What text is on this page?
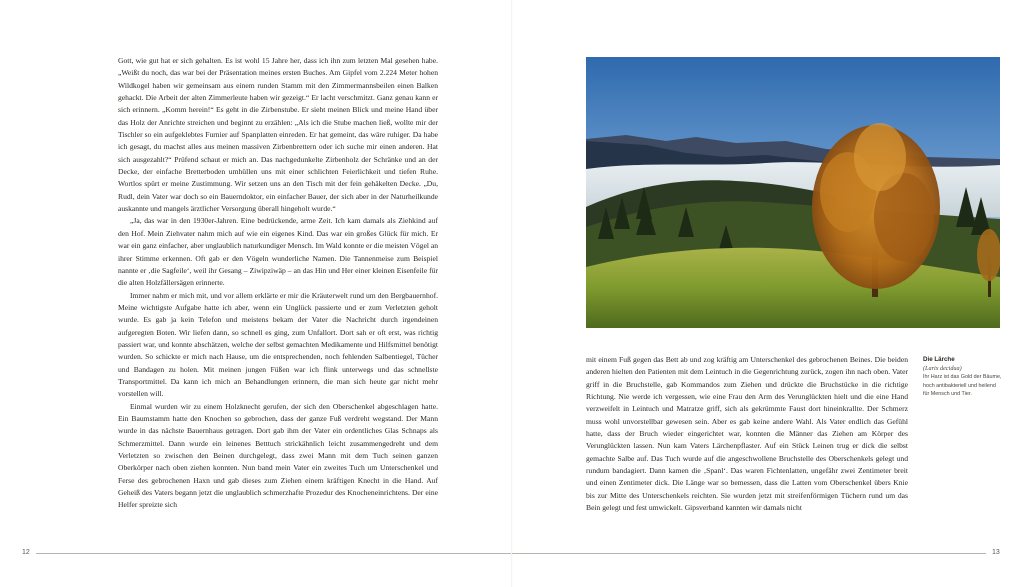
Gott, wie gut hat er sich gehalten. Es ist wohl 15 Jahre her, dass ich ihn zum letzten Mal gesehen habe. „Weißt du noch, das war bei der Präsentation meines ersten Buches. Am Gipfel vom 2.224 Meter hohen Wildkogel haben wir gemeinsam aus einem runden Stamm mit den Zimmermannsbeilen einen Balken gehackt. Die Arbeit der alten Zimmerleute haben wir gezeigt.“ Er lacht verschmitzt. Ganz genau kann er sich erinnern. „Komm herein!“ Es geht in die Zirbenstube. Er sieht meinen Blick und meine Hand über das Holz der Anrichte streichen und beginnt zu erzählen: „Als ich die Stube machen ließ, wollte mir der Tischler so ein aufgeklebtes Furnier auf Spanplatten einreden. Er hat gemeint, das wäre ruhiger. Da habe ich gesagt, du machst alles aus meinen massiven Zirbenbrettern oder ich suche mir einen anderen. Hat sich ausgezahlt?“ Prüfend schaut er mich an. Das nachgedunkelte Zirbenholz der Schränke und an der Decke, der einfache Bretterboden umhüllen uns mit einer schlichten Feierlichkeit und tiefen Ruhe. Wortlos spürt er meine Zustimmung. Wir setzen uns an den Tisch mit der fein gehäkelten Decke. „Du, Rudl, dein Vater war doch so ein Bauerndoktor, ein einfacher Bauer, der sich aber in der Naturheilkunde auskannte und mangels ärztlicher Versorgung überall hingeholt wurde.“

„Ja, das war in den 1930er-Jahren. Eine bedrückende, arme Zeit. Ich kam damals als Ziehkind auf den Hof. Mein Ziehvater nahm mich auf wie ein eigenes Kind. Das war ein großes Glück für mich. Er war ein ganz einfacher, aber unglaublich naturkundiger Mensch. Im Wald konnte er die meisten Vögel an ihrer Stimme erkennen. Oft gab er den Vögeln wunderliche Namen. Die Tannenmeise zum Beispiel nannte er ‚die Sagfeile‘, weil ihr Gesang – Ziwipziwäp – an das Hin und Her einer kleinen Eisenfeile für die alten Holzfällersägen erinnerte.

Immer nahm er mich mit, und vor allem erklärte er mir die Kräuterwelt rund um den Bergbauernhof. Meine wichtigste Aufgabe hatte ich aber, wenn ein Unglück passierte und er zum Verletzten geholt wurde. Es gab ja kein Telefon und meistens bekam der Vater die Nachricht durch irgendeinen aufgeregten Boten. Wir liefen dann, so schnell es ging, zum Unfallort. Dort sah er oft erst, was richtig passiert war, und konnte abschätzen, welche der selbst gemachten Medikamente und Hilfsmittel benötigt wurden. So schickte er mich nach Hause, um die entsprechenden, noch fehlenden Salbentiegel, Tücher und Bandagen zu holen. Mit meinen jungen Füßen war ich flink unterwegs und das schnellste Transportmittel. Da kann ich mich an Behandlungen erinnern, die man sich heute gar nicht mehr vorstellen will.

Einmal wurden wir zu einem Holzknecht gerufen, der sich den Oberschenkel abgeschlagen hatte. Ein Baumstamm hatte den Knochen so gebrochen, dass der ganze Fuß verdreht wegstand. Der Mann wurde in das nächste Bauernhaus getragen. Dort gab ihm der Vater ein ordentliches Glas Schnaps als Schmerzmittel. Dann wurde ein leinenes Betttuch strickähnlich leicht zusammengedreht und dem Verletzten so zwischen den Beinen durchgelegt, dass zwei Mann mit dem Tuch seinen ganzen Oberkörper nach oben ziehen konnten. Nun band mein Vater ein zweites Tuch um Unterschenkel und Ferse des gebrochenen Haxn und gab dieses zum Ziehen einem kräftigen Knecht in die Hand. Auf Geheiß des Vaters begann jetzt die unglaublich schmerzhafte Prozedur des Knocheneinrichtens. Der eine Helfer spreizte sich

12

mit einem Fuß gegen das Bett ab und zog kräftig am Unterschenkel des gebrochenen Beines. Die beiden anderen hielten den Patienten mit dem Leintuch in die Gegenrichtung zurück, zogen ihn nach oben. Vater griff in die Bruchstelle, gab Kommandos zum Ziehen und drückte die Bruchstücke in die richtige Richtung. Nie werde ich vergessen, wie eine Frau den Arm des Verunglückten hielt und die eine Hand verzweifelt in Leintuch und Matratze griff, sich als gekrümmte Faust dort hineinkrallte. Der Schmerz muss wohl unvorstellbar gewesen sein. Aber es gab keine andere Wahl. Als Vater endlich das Gefühl hatte, dass der Bruch wieder eingerichtet war, konnten die Männer das Ziehen am Körper des Verunglückten lassen. Nun kam Vaters Lärchenpflaster. Auf ein Stück Leinen trug er dick die selbst gemachte Salbe auf. Das Tuch wurde auf die angeschwollene Bruchstelle des Oberschenkels gelegt und rundum bandagiert. Dann kamen die ‚Spanl‘. Das waren Fichtenlatten, ungefähr zwei Zentimeter breit und einen Zentimeter dick. Die Länge war so bemessen, dass die Latten vom Oberschenkel übers Knie bis zur Mitte des Unterschenkels reichten. Sie wurden jetzt mit streifenförmigen Tüchern rund um das Bein gelegt und fest umwickelt. Gipsverband kannten wir damals nicht

Die Lärche
(Larix decidua)
Ihr Harz ist das Gold der Bäume, hoch antibakteriell und heilend für Mensch und Tier.
13
